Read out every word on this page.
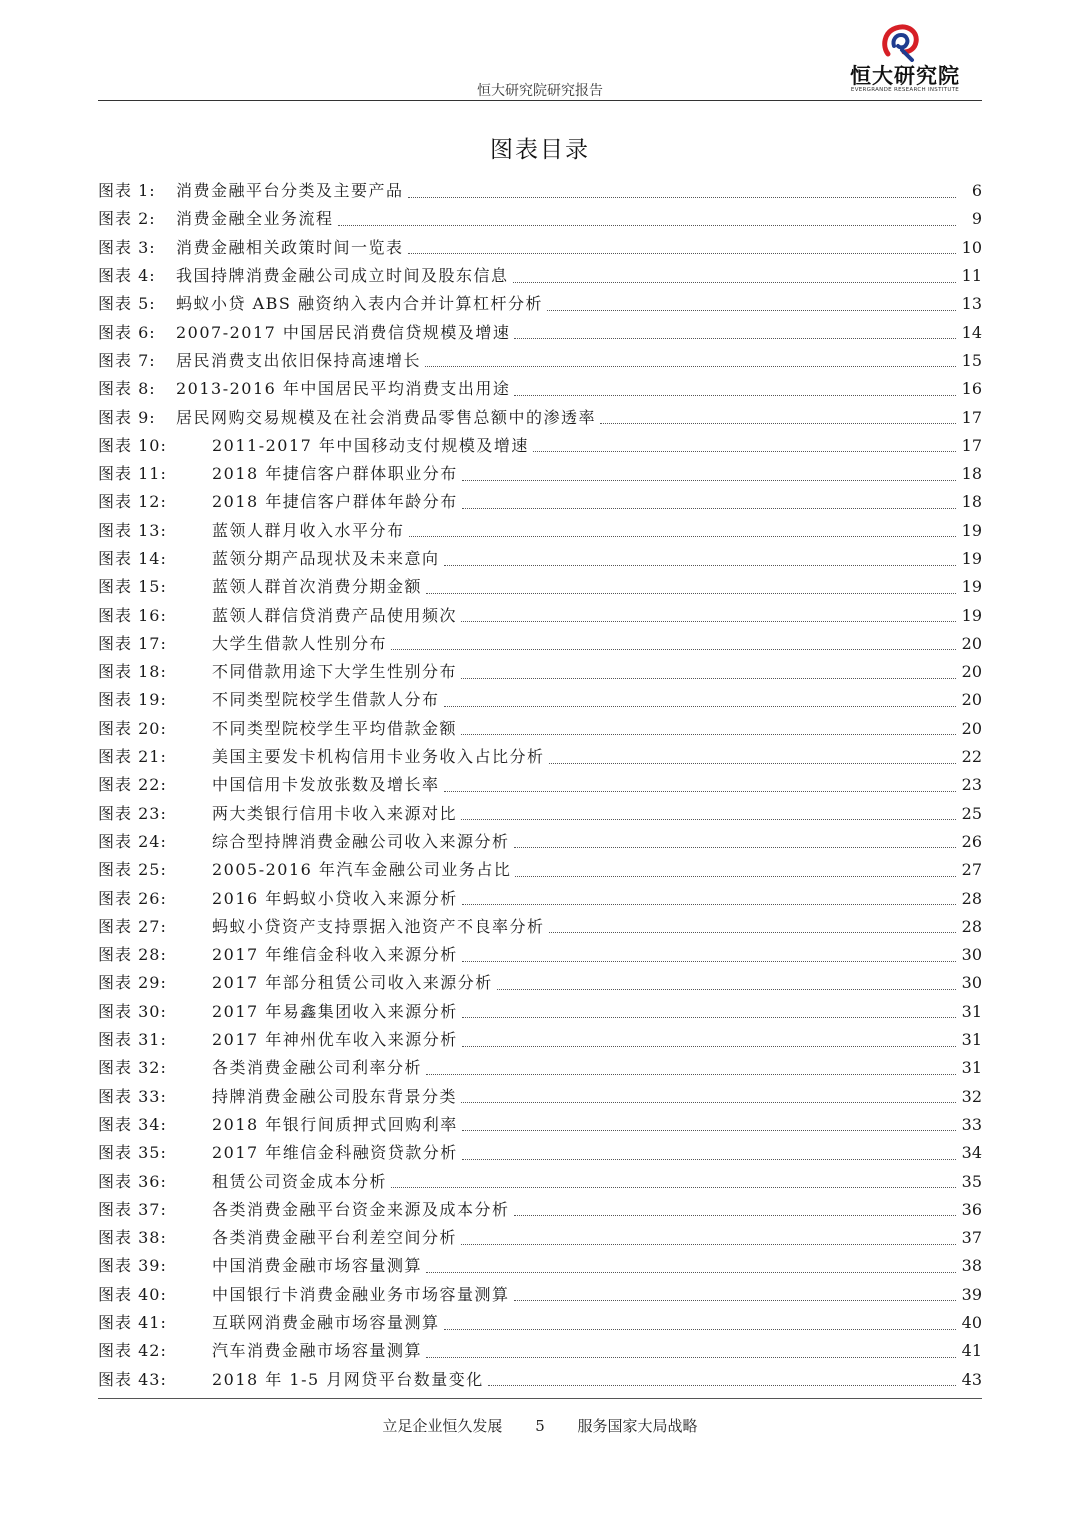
恒大研究院
EVERGRANDE RESEARCH INSTITUTE
恒大研究院研究报告
图表目录
图表 1:	消费金融平台分类及主要产品	6
图表 2:	消费金融全业务流程	9
图表 3:	消费金融相关政策时间一览表	10
图表 4:	我国持牌消费金融公司成立时间及股东信息	11
图表 5:	蚂蚁小贷 ABS 融资纳入表内合并计算杠杆分析	13
图表 6:	2007-2017 中国居民消费信贷规模及增速	14
图表 7:	居民消费支出依旧保持高速增长	15
图表 8:	2013-2016 年中国居民平均消费支出用途	16
图表 9:	居民网购交易规模及在社会消费品零售总额中的渗透率	17
图表 10:	2011-2017 年中国移动支付规模及增速	17
图表 11:	2018 年捷信客户群体职业分布	18
图表 12:	2018 年捷信客户群体年龄分布	18
图表 13:	蓝领人群月收入水平分布	19
图表 14:	蓝领分期产品现状及未来意向	19
图表 15:	蓝领人群首次消费分期金额	19
图表 16:	蓝领人群信贷消费产品使用频次	19
图表 17:	大学生借款人性别分布	20
图表 18:	不同借款用途下大学生性别分布	20
图表 19:	不同类型院校学生借款人分布	20
图表 20:	不同类型院校学生平均借款金额	20
图表 21:	美国主要发卡机构信用卡业务收入占比分析	22
图表 22:	中国信用卡发放张数及增长率	23
图表 23:	两大类银行信用卡收入来源对比	25
图表 24:	综合型持牌消费金融公司收入来源分析	26
图表 25:	2005-2016 年汽车金融公司业务占比	27
图表 26:	2016 年蚂蚁小贷收入来源分析	28
图表 27:	蚂蚁小贷资产支持票据入池资产不良率分析	28
图表 28:	2017 年维信金科收入来源分析	30
图表 29:	2017 年部分租赁公司收入来源分析	30
图表 30:	2017 年易鑫集团收入来源分析	31
图表 31:	2017 年神州优车收入来源分析	31
图表 32:	各类消费金融公司利率分析	31
图表 33:	持牌消费金融公司股东背景分类	32
图表 34:	2018 年银行间质押式回购利率	33
图表 35:	2017 年维信金科融资贷款分析	34
图表 36:	租赁公司资金成本分析	35
图表 37:	各类消费金融平台资金来源及成本分析	36
图表 38:	各类消费金融平台利差空间分析	37
图表 39:	中国消费金融市场容量测算	38
图表 40:	中国银行卡消费金融业务市场容量测算	39
图表 41:	互联网消费金融市场容量测算	40
图表 42:	汽车消费金融市场容量测算	41
图表 43:	2018 年 1-5 月网贷平台数量变化	43
立足企业恒久发展 5 服务国家大局战略
